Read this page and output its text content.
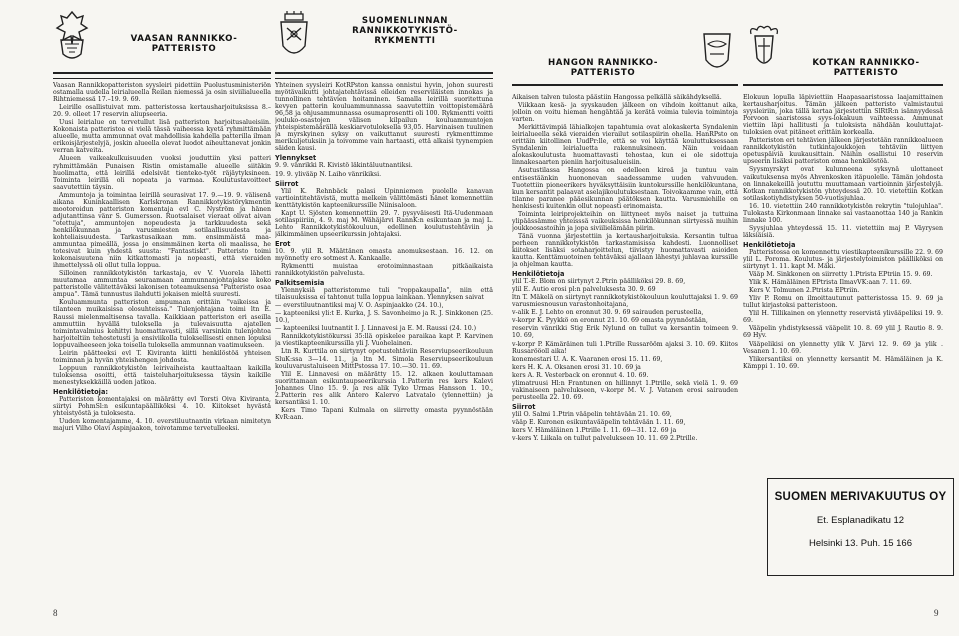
VAASAN RANNIKKO-
PATTERISTO

Vaasan Rannikkopatteriston syysleiri pidettiin Puolustusministeriön ostamalla uudella leirialueella Reilan niemessä ja osin siviilialueella Rihtniemessä 17.–19. 9. 69.

Leirille osallistuivat mm. patteristossa kertausharjoituksissa 8.–20. 9. olleet 17 reservin aliupseeria.

Uusi leirialue on tervetullut lisä patteriston harjoitusalueisiin. Kokonaista patteristoa ei vielä tässä vaiheessa kyetä ryhmittämään alueelle, mutta ammunnat ovat mahdollisia kahdella patterilla ilman erikoisjärjestelyjä, joskin alueella olevat luodot aiheuttanevat jonkin verran katveita.

Alueen vaikeakulkuisuuden vuoksi jouduttiin yksi patteri ryhmittämään Punaisen Ristin omistamalle alueelle siitäkin huolimatta, että leirillä edelsivät tienteko-työt räjäytyksineen. Toiminta leirillä oli nopeata ja varmaa. Koulutustavoitteet saavutettiin täysin.

Ammuntoja ja toimintaa leirillä seurasivat 17. 9.—19. 9. välisenä aikana Kuninkaallisen Karlskronan Rannikkotykistörykmentin mootoroidun patteriston komentaja evl C. Nyström ja hänen adjutanttinsa vänr S. Gumersson. Ruotsalaiset vieraat olivat aivan "otettuja", ammuntojen nopeudesta ja tarkkuudesta sekä henkilökunnan ja varusmiesten sotilaallisuudesta ja kohteliaisuudesta. Tarkastusaikaan mm. ensimmäistä maa-ammuntaa pimeällä, jossa jo ensimmäinen kerta oli maalissa, he totesivat kuin yhdestä suusta: "Fantastiskt". Patteristo toimi kokonaisuutena niin kitkattomasti ja nopeasti, että vieraiden ihmettelyssä oli ollut tulla loppua.

Silloinen rannikkotykistön tarkastaja, ev V. Vuorela lähetti muutamaa ammuntaa seuraamaan ammunnanjohtajakse koko patteristolle välitettäväksi lakonisen toteamuksensa "Patteristo osaa ampua". Tämä tunnustus ilahdutti jokaisen mieltä suuresti.

Kouluammunta patteriston ampumaan erittäin "vaikeissa ja tilanteen muikaisissa olosuhteissa." Tulenjohtajana toimi ltn E. Raussi mielenmaltisensa tavalla. Kaikkiaan patteriston eri aseilla ammuttiin hyvällä tuloksella ja tulevaisuutta ajatellen toimintavalmius kehittyi huomattavasti, sillä varsinkin tulenjohtoa harjoiteltiin tehostetusti ja ensiviikolla tuloksellisesti ennen lopuksi loppuvaiheeseen joka toisella tuloksella ammunnan vaatimukseen.

Leirin päätteeksi evl T. Kiviranta kiitti henkilöstöä yhteisen toiminnan ja hyvän yhteishengen johdosta.

Loppuun rannikkotykistön leirivaiheista kauttaaltaan kaikilla tuloksensa osoitti, että taisteluharjoituksessa täysin kaikille menestyksekkäillä uoden jatkoa.

Henkilötietoja:

Patteriston komentajaksi on määrätty evl Torsti Oiva Kiviranta, siirtyi PohmSl:n esikuntapäälliköksi 4. 10. Kiitokset hyvästä yhteistyöstä ja tuloksesta.

Uuden komentajamme, 4. 10. everstiluutnantin virkaan nimitetyn majuri Vilho Olavi Aspinjaakon, toivotamme tervetulleeksi.

SUOMENLINNAN
RANNIKKOTYKISTÖ-
RYKMENTTI

Yhteinen syysleiri KotRPston kanssa onnistui hyvin, johon suuresti myötävaikutti johtajatehtävissä olleiden reserviläisten innokas ja tunnollinen tehtävien hoitaminen. Samalla leirillä suoritettuna kevyen patterin kouluammunnassa saavutettiin voittopistemäärä 96,58 ja ohjusammunnassa osumaprosentti oli 100. Rykmentti voitti jouluko-osastojen välisen kilpailun kouluammuntojen yhteispistemäärällä keskiarvotuloksella 93,05. Harvinaisen tuulinen ja myrskyinen syksy on vaikuttanut suuresti rykmenttimme merikuljetuksiin ja toivomme vain hartaasti, että alkaisi tyynempien säiden kausi.

Ylennykset

9. 9. vänrikki R. Kivistö läkintäluutnantiksi.

19. 9. ylivääp N. Laiho vänrikiksi.

Siirrot

Ylil K. Rehnbäck palasi Upinniemen puolelle kanavan vartiointitehtävistä, mutta melkein välittömästi hänet komennettiin kenttätykistön kapteenikurssille Niinisaloon.

Kapt U. Sjösten komennettiin 29. 7. pysyväisesti Itä-Uudenmaan sotilaspiiriin, 4. 9. maj M. Wähäjärvi RannK:n esikuntaan ja maj L. Lehto Rannikkotykistökouluun, edellinen koulutustehtäviin ja jälkimmäinen upseerikurssin johtajaksi.

Erot

10. 9. ylil R. Määttänen omasta anomuksestaan. 16. 12. on myönnetty ero sotmest A. Kankaalle.

Rykmentti muistaa erotoiminnastaan pitkäaikaista rannikkotykistön palvelusta.

Palkitsemisia

Ylennyksiä patteristomme tuli "roppakaupalla", niin että tilaisuuksissa ei tahtonut tulla loppua lainkaan. Ylennyksen saivat

— everstiluutnantiksi maj V. O. Aspinjaakko (24. 10.),

— kapteeniksi yli:t E. Kurka, J. S. Savonheimo ja R. J. Sinkkonen (25. 10.),

— kapteeniksi luutnantit I. J. Linnavesi ja E. M. Raussi (24. 10.)

Rannikkotykistökurssi 35:llä opiskelee paraikaa kapt P. Karvinen ja viestikapteenikurssilla yli J. Vuohelainen.

Ltn R. Kurttila on siirtynyt opetustehtäviin Reserviupseerikouluun SluK:ssa 3—14. 11., ja ltn M. Simola Reserviupseerikouluun kouluvarustaluiseen MittPstossa 17. 10.—30. 11. 69.

Ylil E. Linnavesi on määrätty 15. 12. alkaen kouluttamaan suorittamaan esikuntaupseerikurssia 1.Patterin res kers Kalevi Johannes Uino 15. 9. ja res alik Tyko Urmas Hansson 1. 10., 2.Patterin res alik Antero Kalervo Latvatalo (ylennettiin) ja kersantiksi 1. 10.

Kers Timo Tapani Kulmala on siirretty omasta pyynnöstään KvR:aan.

HANGON RANNIKKO-
PATTERISTO

Aikaisen talven tulosta päästiin Hangossa pelkällä säikähdyksellä.

Viikkaan kesä- ja syyskauden jälkeen on vihdoin koittanut aika, jolloin on voitu hieman hengähtää ja kerätä voimia tulevia toimintoja varten.

Merkittävimpiä lähialkojen tapahtumia ovat alokaskerta Syndalenin leirialueella sekä vieraiden vierailut sotilaspiirin ohella. HanRPsto on erittäin kiitollinen UudPr:lle, että se voi käyttää kouluttuksessaan Syndalenin leirialuetta rakennuksineen. Näin voidaan alokaskoulutusta huomattavasti tehostaa, kun ei ole sidottuja linnakesaarten pieniin harjoitusalueisiin.

Asutustilassa Hangossa on edelleen kireä ja tuntuu vain entisestäänkin huononevan saadessamme uuden vahvuuden. Tuotettiin pioneerikers hyväksyttäisiin kuntokurssille henkilökuntana, kun kersantit palaavat aselajikoulutuksestaan. Toivokaamme vain, että tilanne paranee pääesikunnan päätöksen kautta. Varusmiehille on henkisesti kuitenkin ollut nopeasti erinomaista.

Toiminta leiriprojekteihin on liittyneet myös naiset ja tuttuina ylipäässämme yhteisssä vaikeuksissa henkilökunnan siirtyessä muihin joukkoosastoihin ja jopa siviilielämään piirin.

Tänä vuonna järjestettiin ja kertausharjoituksia. Kersantin tultua perheen rannikkotykistön tarkastamisissa kahdesti. Luonnolliset kiitokset lisäksi sotaharjoittelun, tiivistyy huomattavasti asioiden kautta. Kenttämuotoinen tehtäväksi ajallaan lähestyi juhlavaa kurssille ja ohjelman kautta.

Henkilötietoja

ylil T.-E. Blom on siirtynyt 2.Ptrin päälliköksi 29. 8. 69,

ylil E. Autio erosi pl:n palveluksesta 30. 9. 69

ltn T. Mäkelä on siirtynyt rannikkotykistökouluun kouluttajaksi 1. 9. 69 varusmiesnousun varastonhoitajana,

v-alik E. J. Lehto on eronnut 30. 9. 69 sairauden perusteella,

v-korpr K. Pyykkö on eronnut 21. 10. 69 omasta pyynnöstään,

reservin vänrikki Stig Erik Nylund on tullut va kersantin toimeen 9. 10. 69,

v-korpr P. Kämäräinen tuli 1.Ptrille Russarööm ajaksi 3. 10. 69. Kiitos Russarööoll aika!

konemestari U. A. K. Vaaranen erosi 15. 11. 69,

kers H. K. A. Oksanen erosi 31. 10. 69 ja

kers A. R. Vesterback on eronnut 4. 10. 69.

ylimatruusi Hl:n Frantunen on hillinnyt 1.Ptrille, sekä vielä 1. 9. 69 vakinaiseen palvelukseen, v-korpr M. V. J. Vatanen erosi sairauden perusteella 22. 10. 69.

Siirrot

ylil O. Salmi 1.Ptrin vääpelin tehtävään 21. 10. 69,

vääp E. Kuronen esikuntavääpelin tehtävään 1. 11. 69,

kers V. Hämäläinen 1.Ptrille 1. 11. 69—31. 12. 69 ja

v-kers Y. Liikala on tullut palvelukseen 10. 11. 69 2.Ptrille.

KOTKAN RANNIKKO-
PATTERISTO

Elokuun lopulla läpiviettiin Haapasaaristossa laajamittainen kertausharjoitus. Tämän jälkeen patteristo valmistautui syysleiriin, joka tällä kertaa järjestettiin SlRtR:n isännyydessä Porvoon saaristossa syys-lokakuun vaihteessa. Ammunat viettiin läpi hallitusti ja tuloksista nähdään kouluttajat-tuloksien ovat pitäneet erittäin korkealla.

Patteriston eri tehtävien jälkeen järjestetään rannikkoalueen rannikkotykistön tutkintajoukkojen tehtäviin liittyen opetuspäiviä kuukausittain. Näihin osallistui 10 reservin upseerin lisäksi patteriston omaa henkilöstöä.

Syysmyrskyt ovat kulunneena syksynä ulottaneet vaikutuksensa myös Ahvenkosken itäpuolelle. Tämän johdosta on linnakekeillä joututtu muuttamaan vartioinnin järjestelyjä. Kotkan rannikkotykistön yhteydessä 20. 10. vietettiin Kotkan sotilaskotiyhdistyksen 50-vuotisjuhlaa.

16. 10. vietettiin 240 rannikkotykistön rekrytin "tulojuhlaa". Tulokasta Kirkonmaan linnake sai vastaanottaa 140 ja Rankin linnake 100.

Syysjuhlaa yhteydessä 15. 11. vietettiin maj P. Väyrysen läksiäisiä.

Henkilötietoja

Patteristossa on komennettu viestikapteenikurssille 22. 9. 69 ylil L. Poroma. Koulutus- ja järjestelytoimiston päälliköksi on siirtynyt 1. 11. kapt M. Mäki.

Vääp M. Sinkkonen on siirretty 1.Ptrista EPtriin 15. 9. 69.

Ylik K. Hämäläinen EPtrista IlmavVK:aan 7. 11. 69.

Kers V. Tolmunen 2.Ptrista EPtriin.

Yliv P. Romu on ilmoittautunut patteristossa 15. 9. 69 ja tullut kirjastoksi patteristoon.

Ylil H. Tillikainen on ylennetty reservistä ylivääpeliksi 19. 9. 69.

Vääpelin yhdistyksessä vääpelit 10. 8. 69 ylil J. Rautio 8. 9. 69 Hyv.

Vääpelikisi on ylennetty ylik V. Järvi 12. 9. 69 ja ylik . Vesanen 1. 10. 69.

Ylikersantiksi on ylennetty kersantit M. Hämäläinen ja K. Kämppi 1. 10. 69.

SUOMEN MERIVAKUUTUS OY
Et. Esplanadikatu 12
Helsinki 13. Puh. 15 166
8	9
